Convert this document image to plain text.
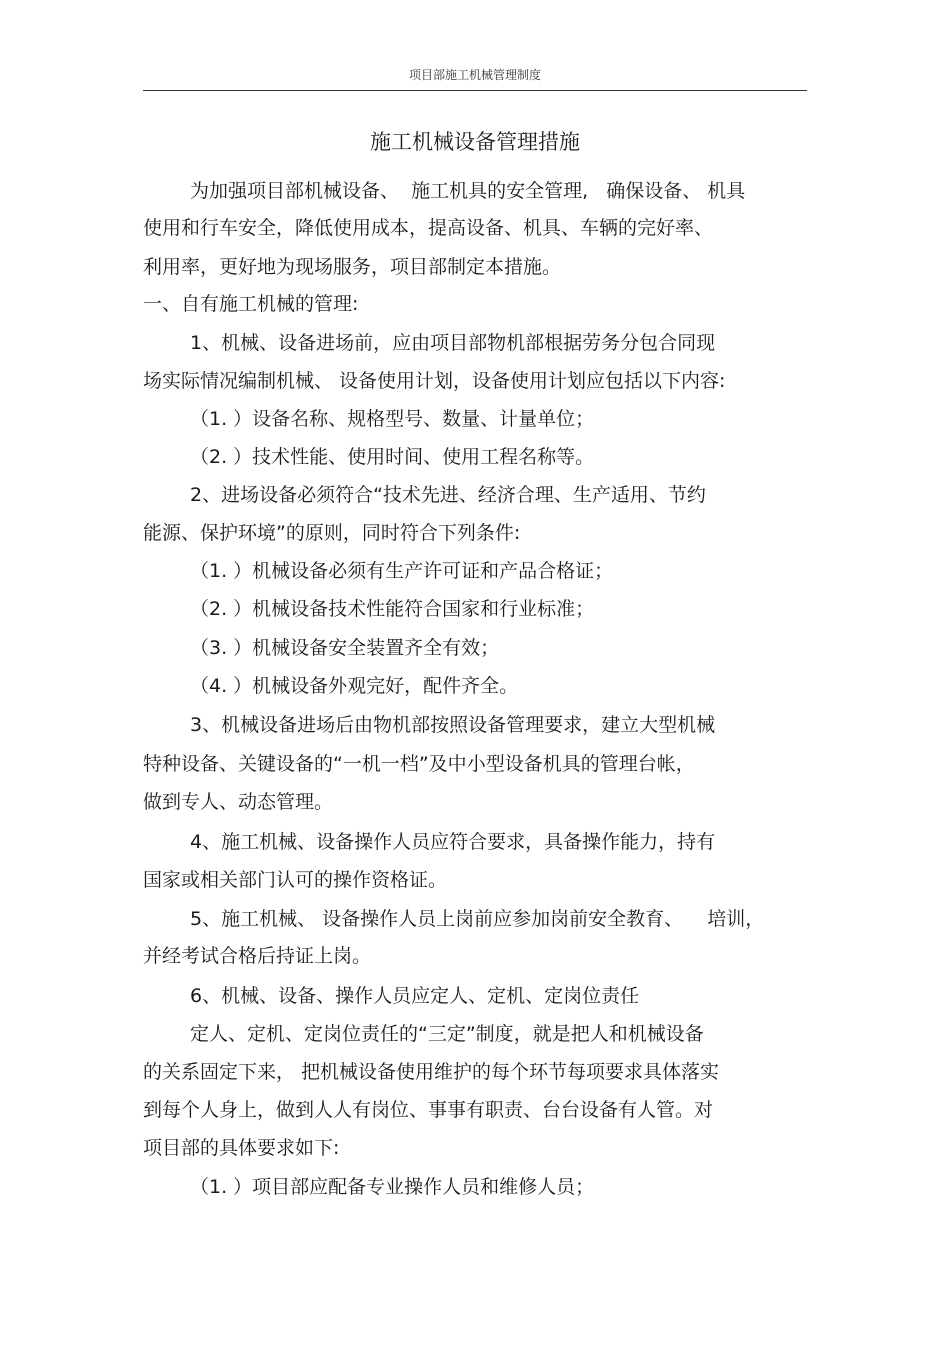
项目部施工机械管理制度
施工机械设备管理措施
为加强项目部机械设备、  施工机具的安全管理,   确保设备、 机具
使用和行车安全，降低使用成本，提高设备、机具、车辆的完好率、
利用率，更好地为现场服务，项目部制定本措施。
一、自有施工机械的管理:
1、机械、设备进场前，应由项目部物机部根据劳务分包合同现
场实际情况编制机械、 设备使用计划，设备使用计划应包括以下内容:
（1. ）设备名称、规格型号、数量、计量单位；
（2. ）技术性能、使用时间、使用工程名称等。
2、进场设备必须符合“技术先进、经济合理、生产适用、节约
能源、保护环境”的原则，同时符合下列条件:
（1. ）机械设备必须有生产许可证和产品合格证；
（2. ）机械设备技术性能符合国家和行业标准；
（3. ）机械设备安全装置齐全有效；
（4. ）机械设备外观完好，配件齐全。
3、机械设备进场后由物机部按照设备管理要求，建立大型机械
特种设备、关键设备的“一机一档”及中小型设备机具的管理台帐，
做到专人、动态管理。
4、施工机械、设备操作人员应符合要求，具备操作能力，持有
国家或相关部门认可的操作资格证。
5、施工机械、 设备操作人员上岗前应参加岗前安全教育、    培训，
并经考试合格后持证上岗。
6、机械、设备、操作人员应定人、定机、定岗位责任
定人、定机、定岗位责任的“三定”制度，就是把人和机械设备
的关系固定下来， 把机械设备使用维护的每个环节每项要求具体落实
到每个人身上，做到人人有岗位、事事有职责、台台设备有人管。对
项目部的具体要求如下:
（1. ）项目部应配备专业操作人员和维修人员；
